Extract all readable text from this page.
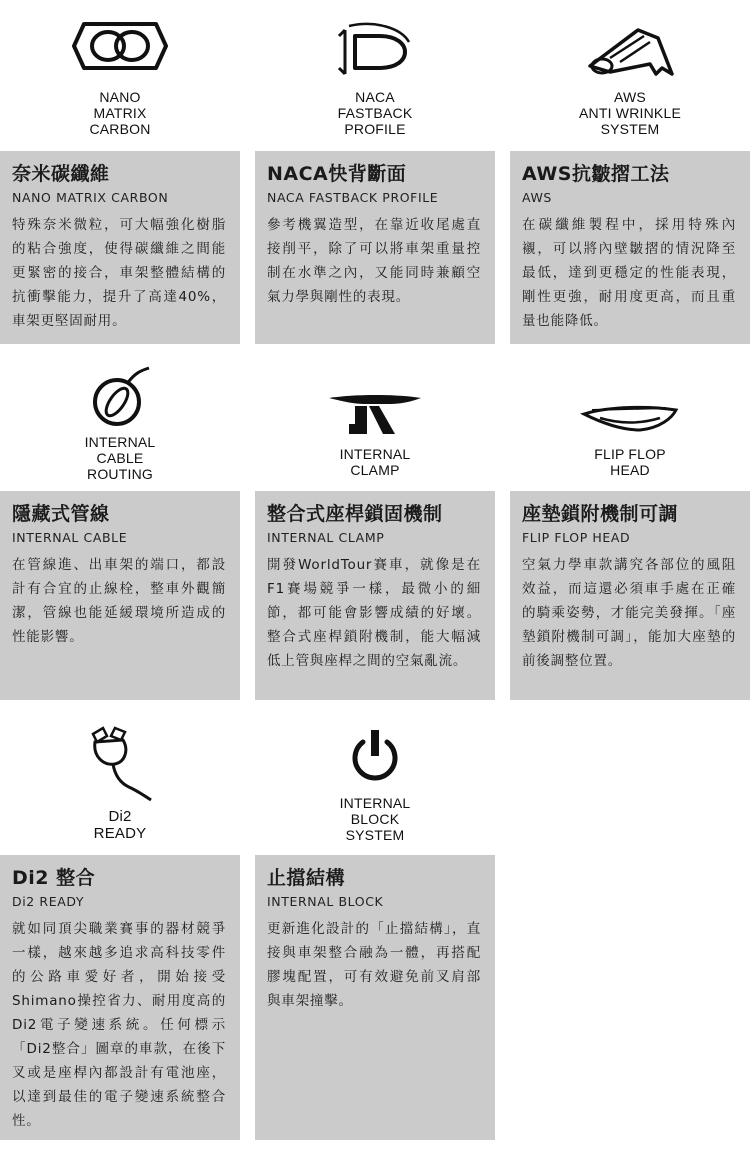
NANO
MATRIX
CARBON
奈米碳纖維
NANO MATRIX CARBON

特殊奈米微粒，可大幅強化樹脂的粘合強度，使得碳纖維之間能更緊密的接合，車架整體結構的抗衝擊能力，提升了高達40%，車架更堅固耐用。

NACA
FASTBACK
PROFILE
NACA快背斷面
NACA FASTBACK PROFILE

參考機翼造型，在靠近收尾處直接削平，除了可以將車架重量控制在水準之內，又能同時兼顧空氣力學與剛性的表現。

AWS
ANTI WRINKLE
SYSTEM
AWS抗皺摺工法
AWS

在碳纖維製程中，採用特殊內襯，可以將內壁皺摺的情況降至最低，達到更穩定的性能表現，剛性更強，耐用度更高，而且重量也能降低。

INTERNAL
CABLE
ROUTING
隱藏式管線
INTERNAL CABLE

在管線進、出車架的端口，都設計有合宜的止線栓，整車外觀簡潔，管線也能延緩環境所造成的性能影響。

INTERNAL
CLAMP
整合式座桿鎖固機制
INTERNAL CLAMP

開發WorldTour賽車，就像是在F1賽場競爭一樣，最微小的細節，都可能會影響成績的好壞。整合式座桿鎖附機制，能大幅減低上管與座桿之間的空氣亂流。

FLIP FLOP
HEAD
座墊鎖附機制可調
FLIP FLOP HEAD

空氣力學車款講究各部位的風阻效益，而這還必須車手處在正確的騎乘姿勢，才能完美發揮。「座墊鎖附機制可調」，能加大座墊的前後調整位置。

Di2
READY
Di2 整合
Di2 READY

就如同頂尖職業賽事的器材競爭一樣，越來越多追求高科技零件的公路車愛好者，開始接受Shimano操控省力、耐用度高的Di2電子變速系統。任何標示「Di2整合」圖章的車款，在後下叉或是座桿內都設計有電池座，以達到最佳的電子變速系統整合性。

INTERNAL
BLOCK
SYSTEM
止擋結構
INTERNAL BLOCK

更新進化設計的「止擋結構」，直接與車架整合融為一體，再搭配膠塊配置，可有效避免前叉肩部與車架撞擊。
